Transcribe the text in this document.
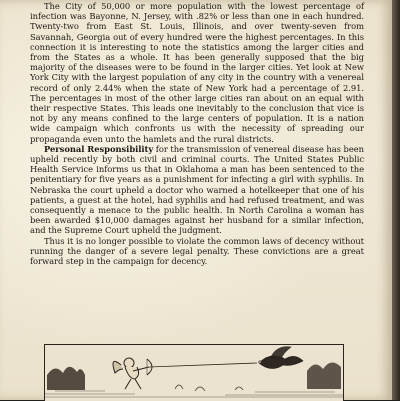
The City of 50,000 or more population with the lowest percentage of infection was Bayonne, N. Jersey, with .82% or less than one in each hundred. Twenty-two from East St. Louis, Illinois, and over twenty-seven from Savannah, Georgia out of every hundred were the highest percentages. In this connection it is interesting to note the statistics among the larger cities and from the States as a whole. It has been generally supposed that the big majority of the diseases were to be found in the larger cities. Yet look at New York City with the largest population of any city in the country with a venereal record of only 2.44% when the state of New York had a percentage of 2.91. The percentages in most of the other large cities ran about on an equal with their respective States. This leads one inevitably to the conclusion that vice is not by any means confined to the large centers of population. It is a nation wide campaign which confronts us with the necessity of spreading our propaganda even unto the hamlets and the rural districts.

Personal Responsibility for the transmission of venereal disease has been upheld recently by both civil and criminal courts. The United States Public Health Service informs us that in Oklahoma a man has been sentenced to the penitentiary for five years as a punishment for infecting a girl with syphilis. In Nebraska the court upheld a doctor who warned a hotelkeeper that one of his patients, a guest at the hotel, had syphilis and had refused treatment, and was consequently a menace to the public health. In North Carolina a woman has been awarded $10,000 damages against her husband for a similar infection, and the Supreme Court upheld the judgment.

Thus it is no longer possible to violate the common laws of decency without running the danger of a severe legal penalty. These convictions are a great forward step in the campaign for decency.
